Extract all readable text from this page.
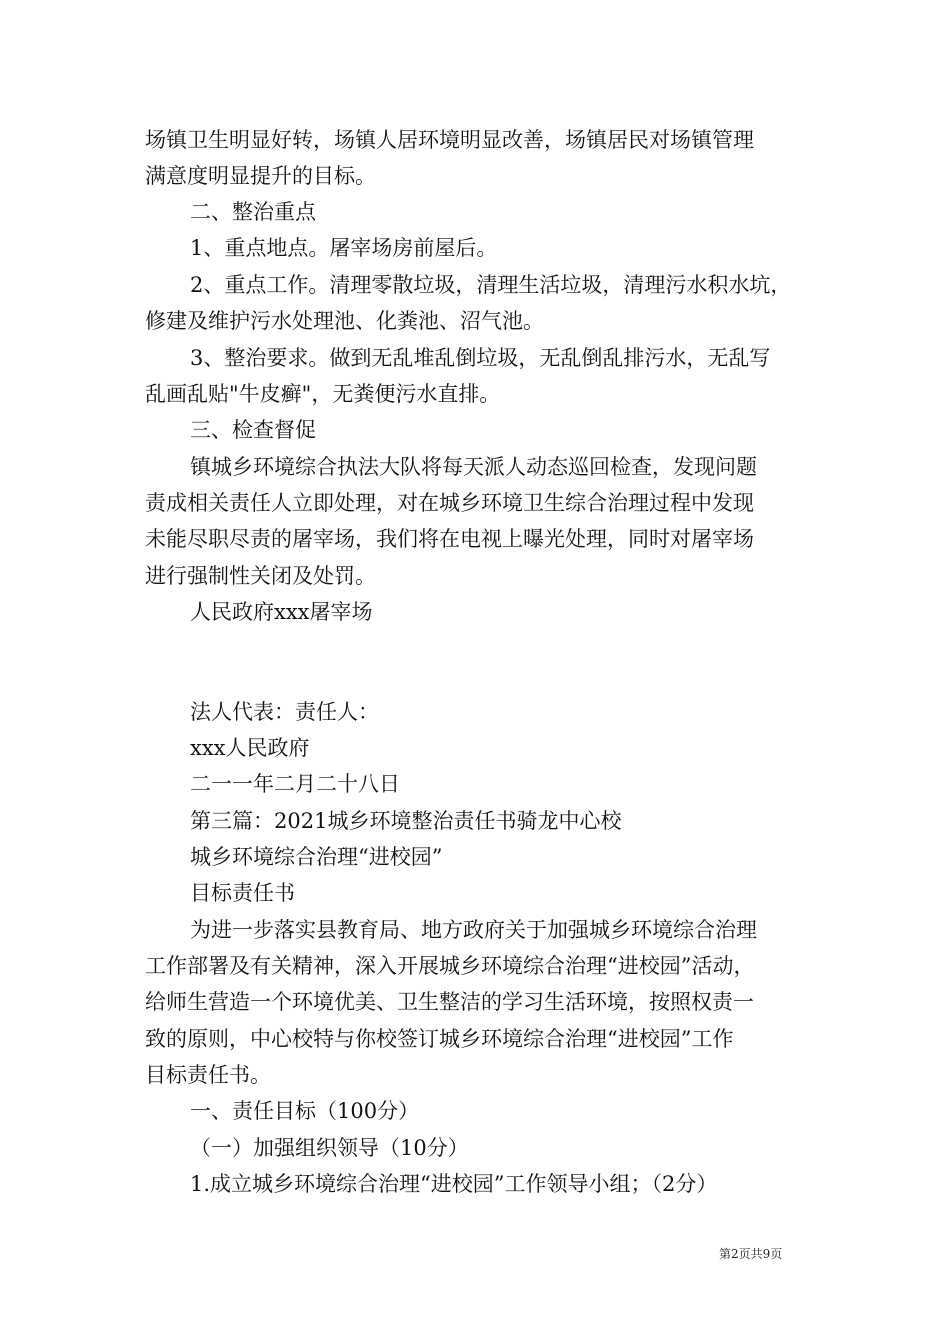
场镇卫生明显好转，场镇人居环境明显改善，场镇居民对场镇管理
满意度明显提升的目标。
二、整治重点
1、重点地点。屠宰场房前屋后。
2、重点工作。清理零散垃圾，清理生活垃圾，清理污水积水坑，
修建及维护污水处理池、化粪池、沼气池。
3、整治要求。做到无乱堆乱倒垃圾，无乱倒乱排污水，无乱写
乱画乱贴"牛皮癣"，无粪便污水直排。
三、检查督促
镇城乡环境综合执法大队将每天派人动态巡回检查，发现问题
责成相关责任人立即处理，对在城乡环境卫生综合治理过程中发现
未能尽职尽责的屠宰场，我们将在电视上曝光处理，同时对屠宰场
进行强制性关闭及处罚。
人民政府xxx屠宰场
法人代表：责任人：
xxx人民政府
二一一年二月二十八日
第三篇：2021城乡环境整治责任书骑龙中心校
城乡环境综合治理“进校园”
目标责任书
为进一步落实县教育局、地方政府关于加强城乡环境综合治理
工作部署及有关精神，深入开展城乡环境综合治理“进校园”活动，
给师生营造一个环境优美、卫生整洁的学习生活环境，按照权责一
致的原则，中心校特与你校签订城乡环境综合治理“进校园”工作
目标责任书。
一、责任目标（100分）
（一）加强组织领导（10分）
1.成立城乡环境综合治理“进校园”工作领导小组；（2分）
第2页共9页
